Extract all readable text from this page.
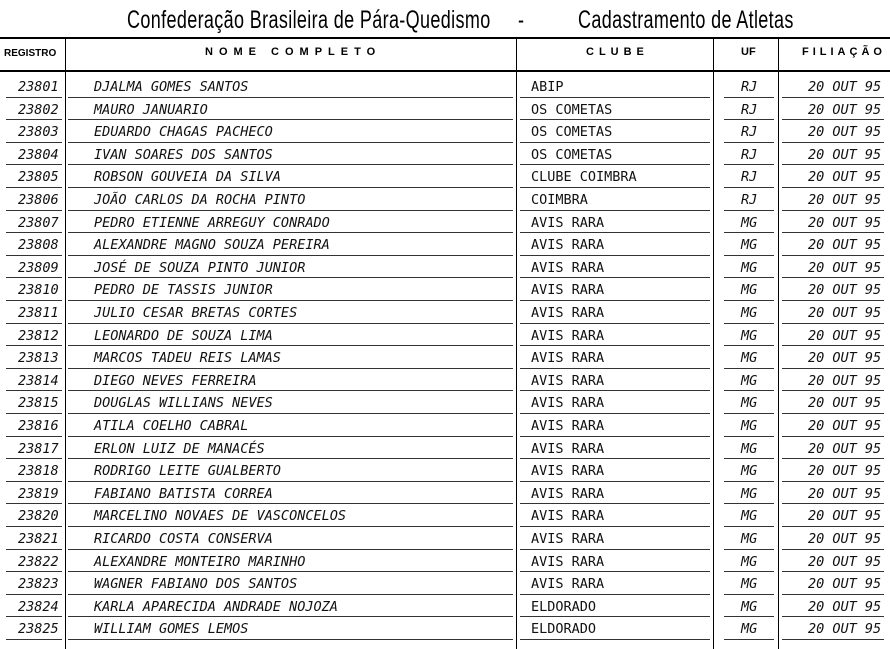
Confederação Brasileira de Pára-Quedismo - Cadastramento de Atletas
REGISTRO	NOME COMPLETO	CLUBE	UF	FILIAÇÃO
23801	DJALMA GOMES SANTOS	ABIP	RJ	20 OUT 95
23802	MAURO JANUARIO	OS COMETAS	RJ	20 OUT 95
23803	EDUARDO CHAGAS PACHECO	OS COMETAS	RJ	20 OUT 95
23804	IVAN SOARES DOS SANTOS	OS COMETAS	RJ	20 OUT 95
23805	ROBSON GOUVEIA DA SILVA	CLUBE COIMBRA	RJ	20 OUT 95
23806	JOÃO CARLOS DA ROCHA PINTO	COIMBRA	RJ	20 OUT 95
23807	PEDRO ETIENNE ARREGUY CONRADO	AVIS RARA	MG	20 OUT 95
23808	ALEXANDRE MAGNO SOUZA PEREIRA	AVIS RARA	MG	20 OUT 95
23809	JOSÉ DE SOUZA PINTO JUNIOR	AVIS RARA	MG	20 OUT 95
23810	PEDRO DE TASSIS JUNIOR	AVIS RARA	MG	20 OUT 95
23811	JULIO CESAR BRETAS CORTES	AVIS RARA	MG	20 OUT 95
23812	LEONARDO DE SOUZA LIMA	AVIS RARA	MG	20 OUT 95
23813	MARCOS TADEU REIS LAMAS	AVIS RARA	MG	20 OUT 95
23814	DIEGO NEVES FERREIRA	AVIS RARA	MG	20 OUT 95
23815	DOUGLAS WILLIANS NEVES	AVIS RARA	MG	20 OUT 95
23816	ATILA COELHO CABRAL	AVIS RARA	MG	20 OUT 95
23817	ERLON LUIZ DE MANACÉS	AVIS RARA	MG	20 OUT 95
23818	RODRIGO LEITE GUALBERTO	AVIS RARA	MG	20 OUT 95
23819	FABIANO BATISTA CORREA	AVIS RARA	MG	20 OUT 95
23820	MARCELINO NOVAES DE VASCONCELOS	AVIS RARA	MG	20 OUT 95
23821	RICARDO COSTA CONSERVA	AVIS RARA	MG	20 OUT 95
23822	ALEXANDRE MONTEIRO MARINHO	AVIS RARA	MG	20 OUT 95
23823	WAGNER FABIANO DOS SANTOS	AVIS RARA	MG	20 OUT 95
23824	KARLA APARECIDA ANDRADE NOJOZA	ELDORADO	MG	20 OUT 95
23825	WILLIAM GOMES LEMOS	ELDORADO	MG	20 OUT 95
